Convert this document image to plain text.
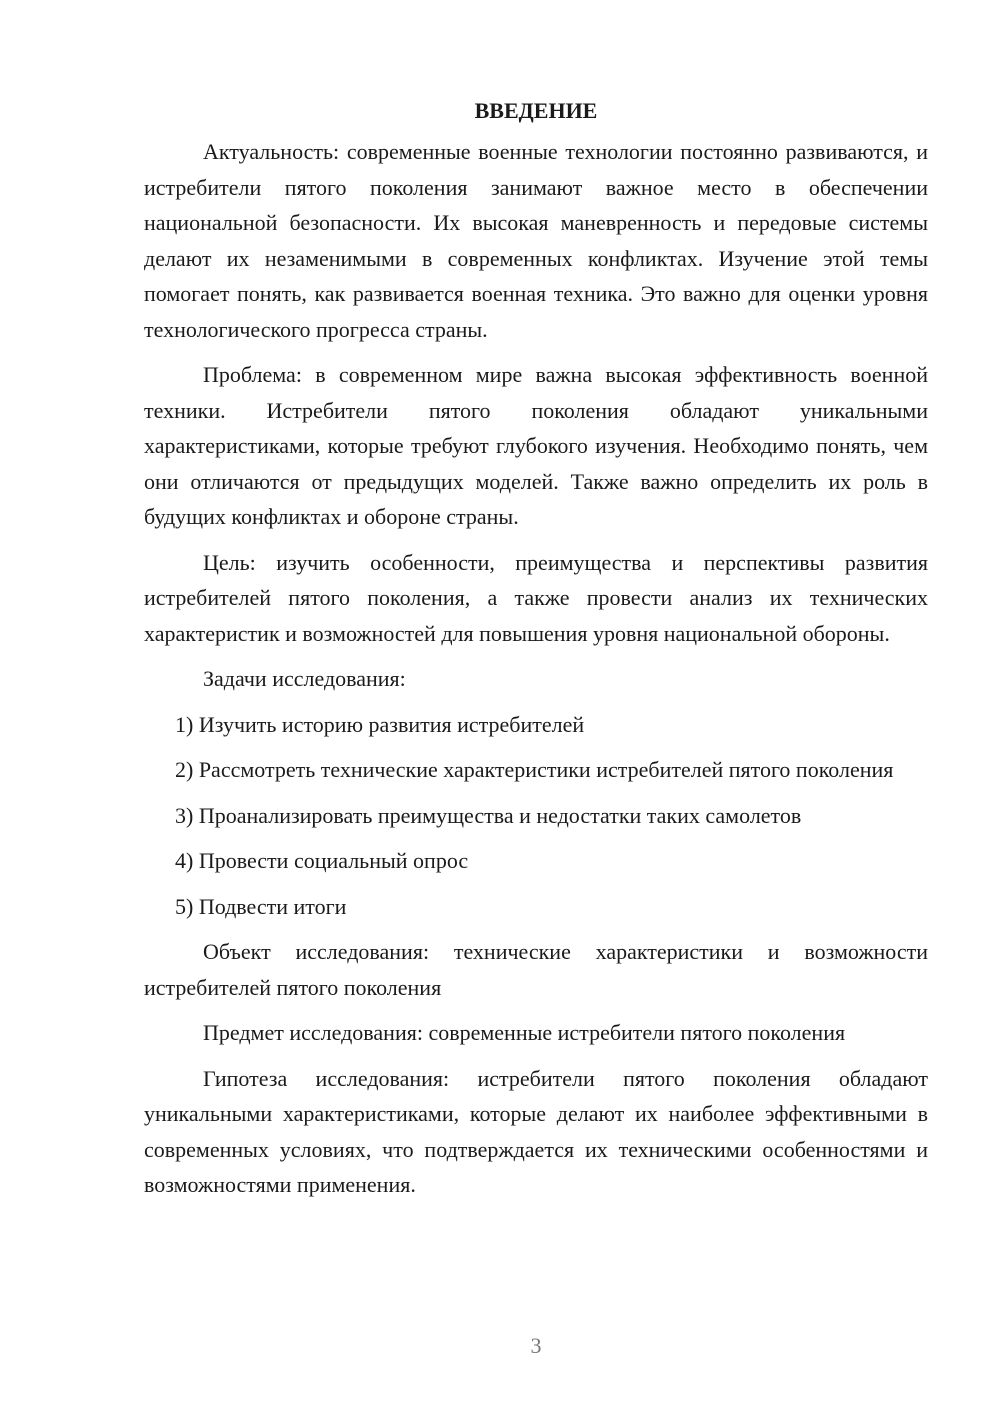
ВВЕДЕНИЕ

Актуальность: современные военные технологии постоянно развиваются, и истребители пятого поколения занимают важное место в обеспечении национальной безопасности. Их высокая маневренность и передовые системы делают их незаменимыми в современных конфликтах. Изучение этой темы помогает понять, как развивается военная техника. Это важно для оценки уровня технологического прогресса страны.

Проблема: в современном мире важна высокая эффективность военной техники. Истребители пятого поколения обладают уникальными характеристиками, которые требуют глубокого изучения. Необходимо понять, чем они отличаются от предыдущих моделей. Также важно определить их роль в будущих конфликтах и обороне страны.

Цель: изучить особенности, преимущества и перспективы развития истребителей пятого поколения, а также провести анализ их технических характеристик и возможностей для повышения уровня национальной обороны.

Задачи исследования:

1) Изучить историю развития истребителей

2) Рассмотреть технические характеристики истребителей пятого поколения

3) Проанализировать преимущества и недостатки таких самолетов

4) Провести социальный опрос

5) Подвести итоги

Объект исследования: технические характеристики и возможности истребителей пятого поколения

Предмет исследования: современные истребители пятого поколения

Гипотеза исследования: истребители пятого поколения обладают уникальными характеристиками, которые делают их наиболее эффективными в современных условиях, что подтверждается их техническими особенностями и возможностями применения.

3
